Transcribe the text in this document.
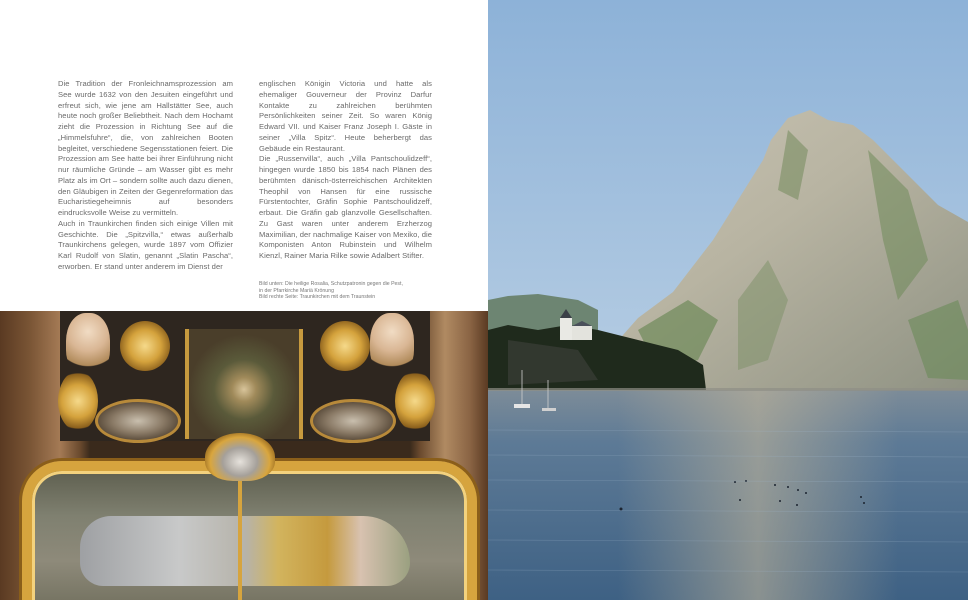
Die Tradition der Fronleichnamsprozession am See wurde 1632 von den Jesuiten eingeführt und erfreut sich, wie jene am Hallstätter See, auch heute noch großer Beliebtheit. Nach dem Hochamt zieht die Prozession in Richtung See auf die „Himmelsfuhre“, die, von zahlreichen Booten begleitet, verschiedene Segensstationen feiert. Die Prozession am See hatte bei ihrer Einführung nicht nur räumliche Gründe – am Wasser gibt es mehr Platz als im Ort – sondern sollte auch dazu dienen, den Gläubigen in Zeiten der Gegenreformation das Eucharistiegeheimnis auf besonders eindrucksvolle Weise zu vermitteln.

Auch in Traunkirchen finden sich einige Villen mit Geschichte. Die „Spitzvilla,“ etwas außerhalb Traunkirchens gelegen, wurde 1897 vom Offizier Karl Rudolf von Slatin, genannt „Slatin Pascha“, erworben. Er stand unter anderem im Dienst der

englischen Königin Victoria und hatte als ehemaliger Gouverneur der Provinz Darfur Kontakte zu zahlreichen berühmten Persönlichkeiten seiner Zeit. So waren König Edward VII. und Kaiser Franz Joseph I. Gäste in seiner „Villa Spitz“. Heute beherbergt das Gebäude ein Restaurant.

Die „Russenvilla“, auch „Villa Pantschoulidzeff“, hingegen wurde 1850 bis 1854 nach Plänen des berühmten dänisch-österreichischen Architekten Theophil von Hansen für eine russische Fürstentochter, Gräfin Sophie Pantschoulidzeff, erbaut. Die Gräfin gab glanzvolle Gesellschaften. Zu Gast waren unter anderem Erzherzog Maximilian, der nachmalige Kaiser von Mexiko, die Komponisten Anton Rubinstein und Wilhelm Kienzl, Rainer Maria Rilke sowie Adalbert Stifter.

Bild unten: Die heilige Rosalia, Schutzpatronin gegen die Pest,
in der Pfarrkirche Mariä Krönung
Bild rechte Seite: Traunkirchen mit dem Traunstein
